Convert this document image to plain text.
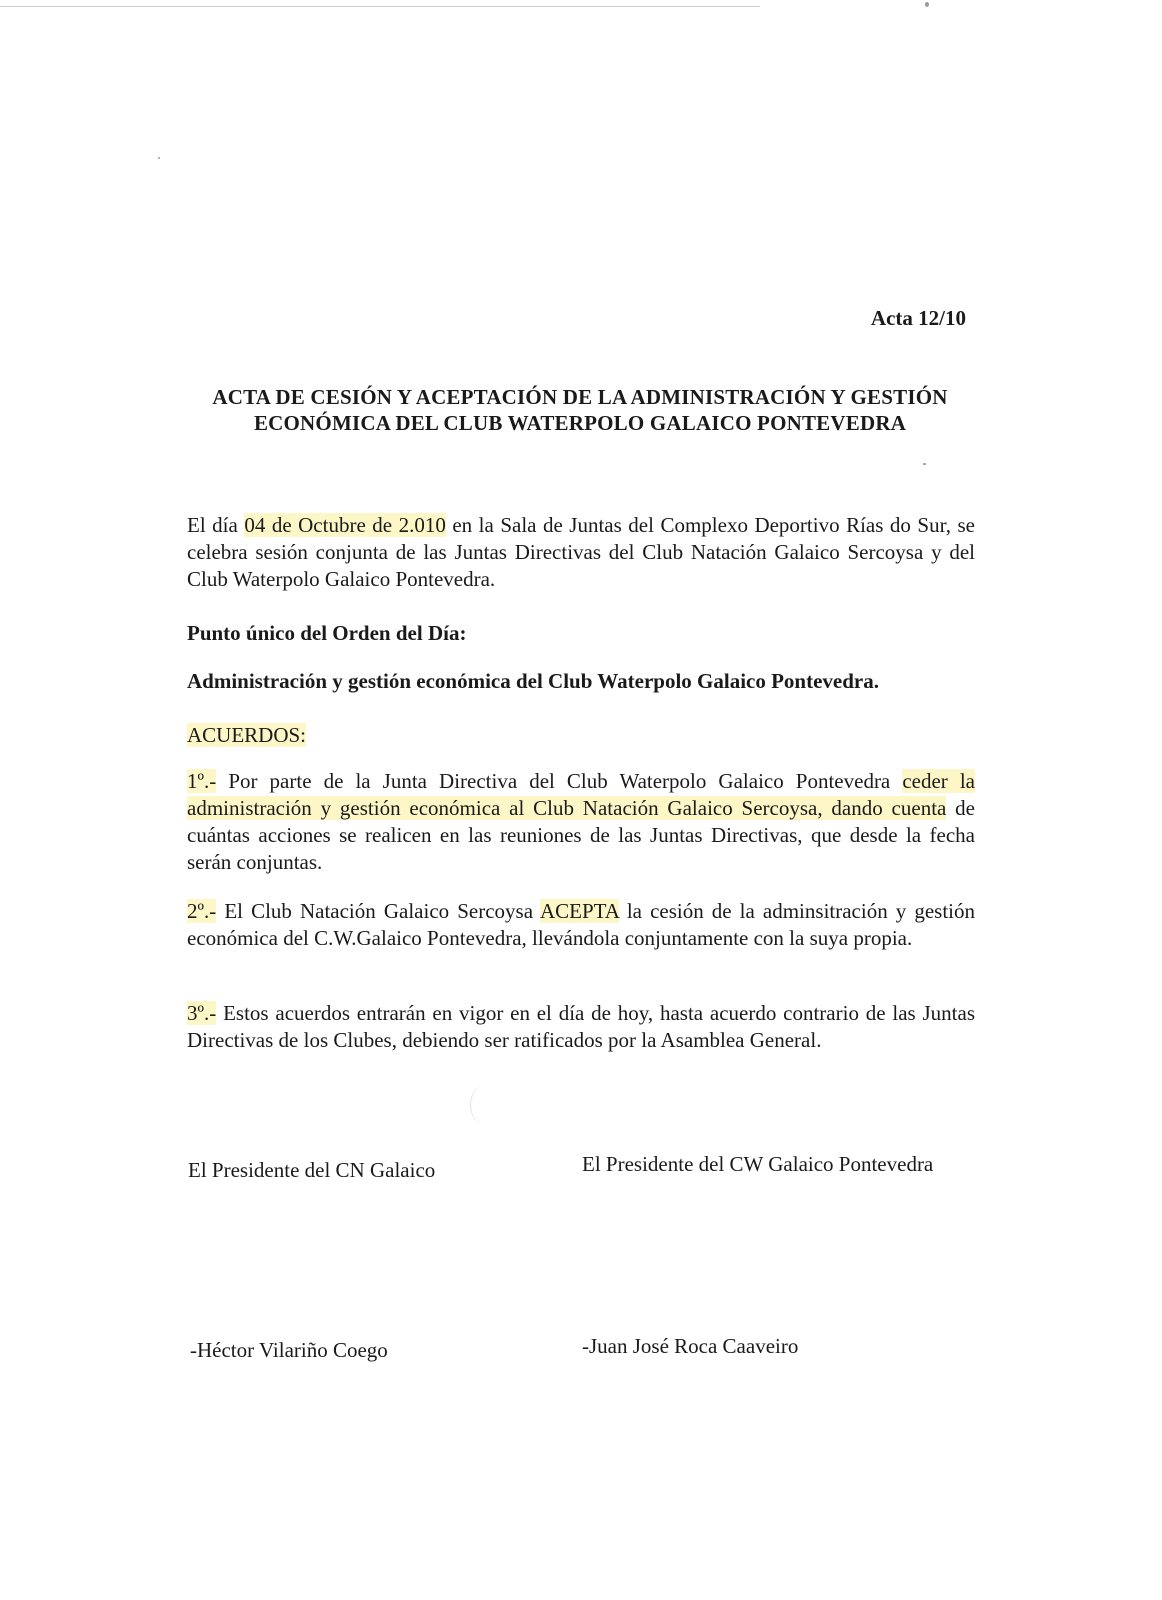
Acta 12/10
ACTA DE CESIÓN Y ACEPTACIÓN DE LA ADMINISTRACIÓN Y GESTIÓN
ECONÓMICA DEL CLUB WATERPOLO GALAICO PONTEVEDRA
El día 04 de Octubre de 2.010 en la Sala de Juntas del Complexo Deportivo Rías do Sur, se celebra sesión conjunta de las Juntas Directivas del Club Natación Galaico Sercoysa y del Club Waterpolo Galaico Pontevedra.
Punto único del Orden del Día:
Administración y gestión económica del Club Waterpolo Galaico Pontevedra.
ACUERDOS:
1º.- Por parte de la Junta Directiva del Club Waterpolo Galaico Pontevedra ceder la administración y gestión económica al Club Natación Galaico Sercoysa, dando cuenta de cuántas acciones se realicen en las reuniones de las Juntas Directivas, que desde la fecha serán conjuntas.
2º.- El Club Natación Galaico Sercoysa ACEPTA la cesión de la adminsitración y gestión económica del C.W.Galaico Pontevedra, llevándola conjuntamente con la suya propia.
3º.- Estos acuerdos entrarán en vigor en el día de hoy, hasta acuerdo contrario de las Juntas Directivas de los Clubes, debiendo ser ratificados por la Asamblea General.
El Presidente del CN Galaico	El Presidente del CW Galaico Pontevedra
-Héctor Vilariño Coego	-Juan José Roca Caaveiro
